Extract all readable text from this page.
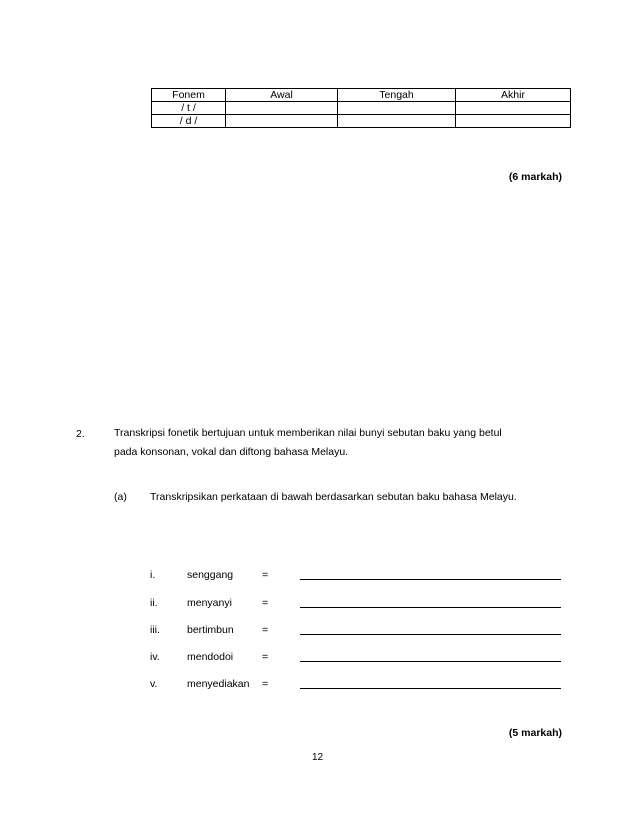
Fonem	Awal	Tengah	Akhir
/ t /			
/ d /			
(6 markah)
2.	Transkripsi fonetik bertujuan untuk memberikan nilai bunyi sebutan baku yang betul
pada konsonan, vokal dan diftong bahasa Melayu.
(a) Transkripsikan perkataan di bawah berdasarkan sebutan baku bahasa Melayu.
i.	senggang	=
ii.	menyanyi	=
iii.	bertimbun	=
iv.	mendodoi	=
v.	menyediakan =
(5 markah)
12
